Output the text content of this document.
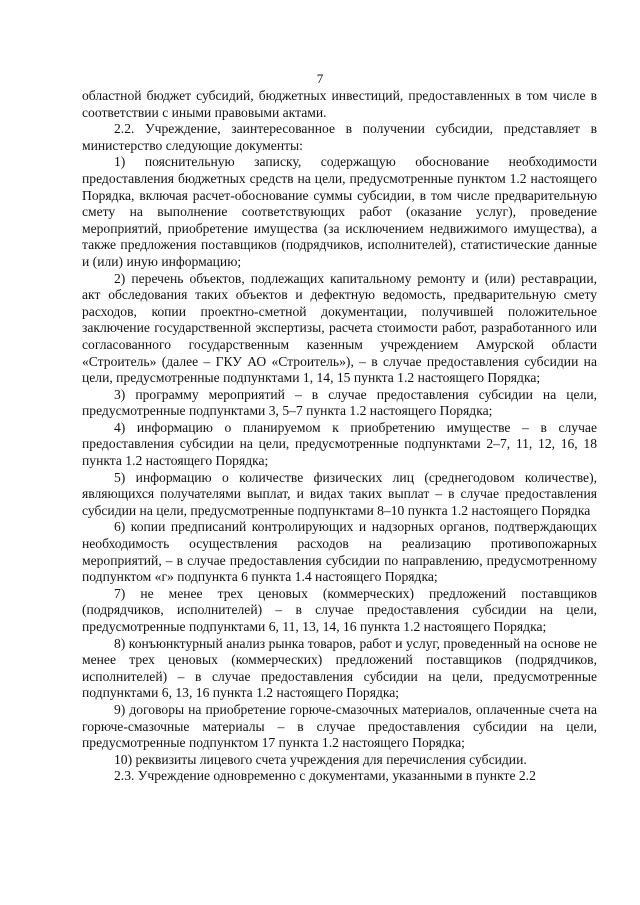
7

областной бюджет субсидий, бюджетных инвестиций, предоставленных в том числе в соответствии с иными правовыми актами.

2.2. Учреждение, заинтересованное в получении субсидии, представляет в министерство следующие документы:

1) пояснительную записку, содержащую обоснование необходимости предоставления бюджетных средств на цели, предусмотренные пунктом 1.2 настоящего Порядка, включая расчет-обоснование суммы субсидии, в том числе предварительную смету на выполнение соответствующих работ (оказание услуг), проведение мероприятий, приобретение имущества (за исключением недвижимого имущества), а также предложения поставщиков (подрядчиков, исполнителей), статистические данные и (или) иную информацию;

2) перечень объектов, подлежащих капитальному ремонту и (или) реставрации, акт обследования таких объектов и дефектную ведомость, предварительную смету расходов, копии проектно-сметной документации, получившей положительное заключение государственной экспертизы, расчета стоимости работ, разработанного или согласованного государственным казенным учреждением Амурской области «Строитель» (далее – ГКУ АО «Строитель»), – в случае предоставления субсидии на цели, предусмотренные подпунктами 1, 14, 15 пункта 1.2 настоящего Порядка;

3) программу мероприятий – в случае предоставления субсидии на цели, предусмотренные подпунктами 3, 5–7 пункта 1.2 настоящего Порядка;

4) информацию о планируемом к приобретению имуществе – в случае предоставления субсидии на цели, предусмотренные подпунктами 2–7, 11, 12, 16, 18 пункта 1.2 настоящего Порядка;

5) информацию о количестве физических лиц (среднегодовом количестве), являющихся получателями выплат, и видах таких выплат – в случае предоставления субсидии на цели, предусмотренные подпунктами 8–10 пункта 1.2 настоящего Порядка

6) копии предписаний контролирующих и надзорных органов, подтверждающих необходимость осуществления расходов на реализацию противопожарных мероприятий, – в случае предоставления субсидии по направлению, предусмотренному подпунктом «г» подпункта 6 пункта 1.4 настоящего Порядка;

7) не менее трех ценовых (коммерческих) предложений поставщиков (подрядчиков, исполнителей) – в случае предоставления субсидии на цели, предусмотренные подпунктами 6, 11, 13, 14, 16 пункта 1.2 настоящего Порядка;

8) конъюнктурный анализ рынка товаров, работ и услуг, проведенный на основе не менее трех ценовых (коммерческих) предложений поставщиков (подрядчиков, исполнителей) – в случае предоставления субсидии на цели, предусмотренные подпунктами 6, 13, 16 пункта 1.2 настоящего Порядка;

9) договоры на приобретение горюче-смазочных материалов, оплаченные счета на горюче-смазочные материалы – в случае предоставления субсидии на цели, предусмотренные подпунктом 17 пункта 1.2 настоящего Порядка;

10) реквизиты лицевого счета учреждения для перечисления субсидии.

2.3. Учреждение одновременно с документами, указанными в пункте 2.2
